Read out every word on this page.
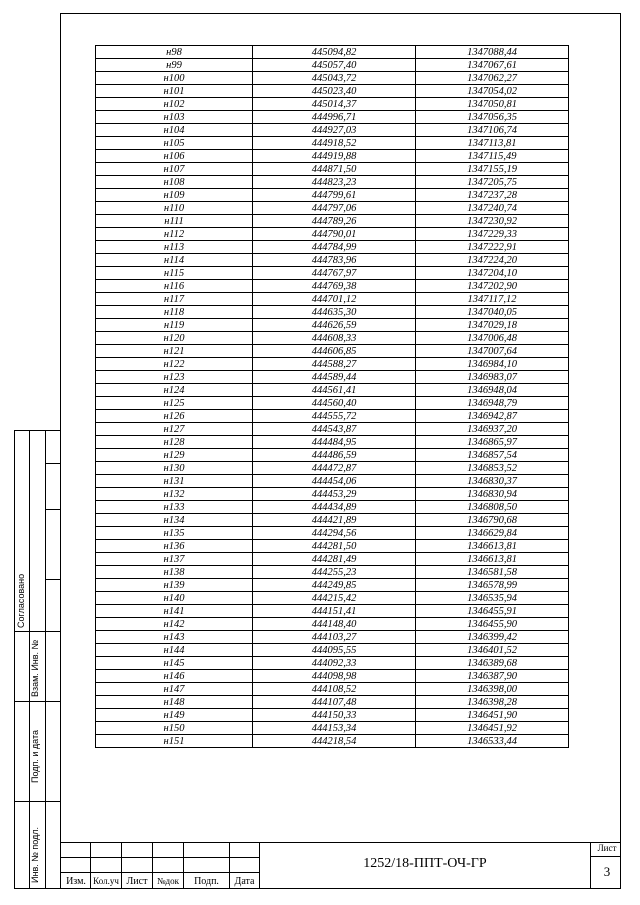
н98	445094,82	1347088,44
н99	445057,40	1347067,61
н100	445043,72	1347062,27
н101	445023,40	1347054,02
н102	445014,37	1347050,81
н103	444996,71	1347056,35
н104	444927,03	1347106,74
н105	444918,52	1347113,81
н106	444919,88	1347115,49
н107	444871,50	1347155,19
н108	444823,23	1347205,75
н109	444799,61	1347237,28
н110	444797,06	1347240,74
н111	444789,26	1347230,92
н112	444790,01	1347229,33
н113	444784,99	1347222,91
н114	444783,96	1347224,20
н115	444767,97	1347204,10
н116	444769,38	1347202,90
н117	444701,12	1347117,12
н118	444635,30	1347040,05
н119	444626,59	1347029,18
н120	444608,33	1347006,48
н121	444606,85	1347007,64
н122	444588,27	1346984,10
н123	444589,44	1346983,07
н124	444561,41	1346948,04
н125	444560,40	1346948,79
н126	444555,72	1346942,87
н127	444543,87	1346937,20
н128	444484,95	1346865,97
н129	444486,59	1346857,54
н130	444472,87	1346853,52
н131	444454,06	1346830,37
н132	444453,29	1346830,94
н133	444434,89	1346808,50
н134	444421,89	1346790,68
н135	444294,56	1346629,84
н136	444281,50	1346613,81
н137	444281,49	1346613,81
н138	444255,23	1346581,58
н139	444249,85	1346578,99
н140	444215,42	1346535,94
н141	444151,41	1346455,91
н142	444148,40	1346455,90
н143	444103,27	1346399,42
н144	444095,55	1346401,52
н145	444092,33	1346389,68
н146	444098,98	1346387,90
н147	444108,52	1346398,00
н148	444107,48	1346398,28
н149	444150,33	1346451,90
н150	444153,34	1346451,92
н151	444218,54	1346533,44
Согласовано
Взам. Инв. №
Подп. и дата
Инв. № подл.	Изм. Кол.уч Лист	№док	Подп.	Дата
1252/18-ППТ-ОЧ-ГР
Лист
3
